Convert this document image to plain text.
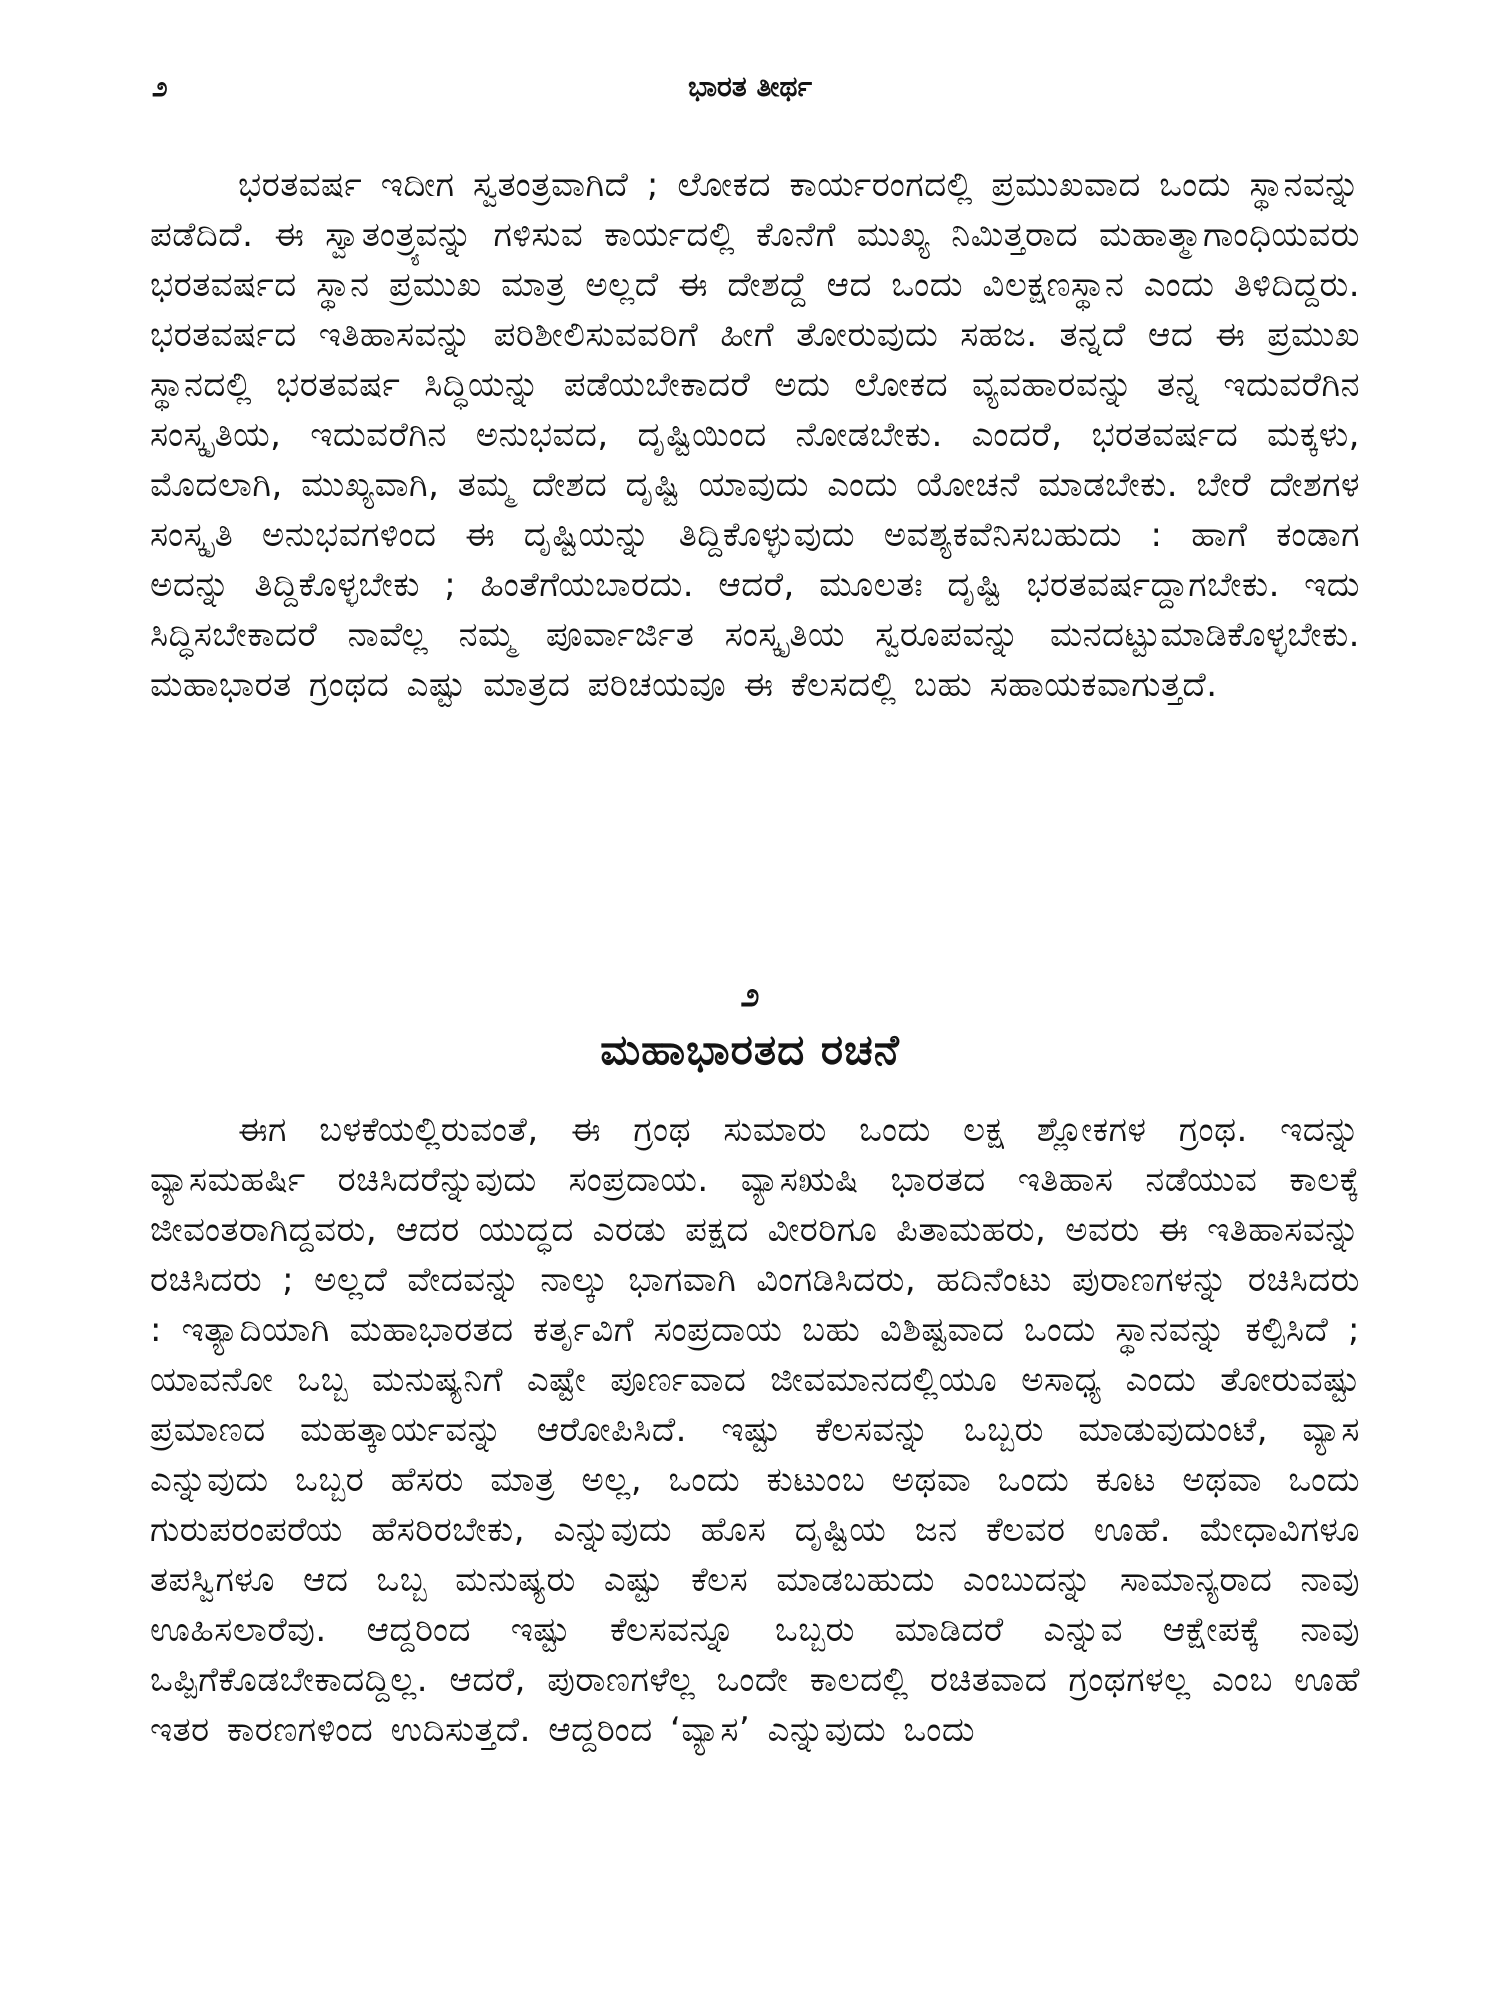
೨	ಭಾರತ ತೀರ್ಥ

ಭರತವರ್ಷ ಇದೀಗ ಸ್ವತಂತ್ರವಾಗಿದೆ ; ಲೋಕದ ಕಾರ್ಯರಂಗದಲ್ಲಿ ಪ್ರಮುಖವಾದ ಒಂದು ಸ್ಥಾನವನ್ನು ಪಡೆದಿದೆ. ಈ ಸ್ವಾತಂತ್ರ್ಯವನ್ನು ಗಳಿಸುವ ಕಾರ್ಯದಲ್ಲಿ ಕೊನೆಗೆ ಮುಖ್ಯ ನಿಮಿತ್ತರಾದ ಮಹಾತ್ಮಾಗಾಂಧಿಯವರು ಭರತವರ್ಷದ ಸ್ಥಾನ ಪ್ರಮುಖ ಮಾತ್ರ ಅಲ್ಲದೆ ಈ ದೇಶದ್ದೆ ಆದ ಒಂದು ವಿಲಕ್ಷಣಸ್ಥಾನ ಎಂದು ತಿಳಿದಿದ್ದರು. ಭರತವರ್ಷದ ಇತಿಹಾಸವನ್ನು ಪರಿಶೀಲಿಸುವವರಿಗೆ ಹೀಗೆ ತೋರುವುದು ಸಹಜ. ತನ್ನದೆ ಆದ ಈ ಪ್ರಮುಖ ಸ್ಥಾನದಲ್ಲಿ ಭರತವರ್ಷ ಸಿದ್ಧಿಯನ್ನು ಪಡೆಯಬೇಕಾದರೆ ಅದು ಲೋಕದ ವ್ಯವಹಾರವನ್ನು ತನ್ನ ಇದುವರೆಗಿನ ಸಂಸ್ಕೃತಿಯ, ಇದುವರೆಗಿನ ಅನುಭವದ, ದೃಷ್ಟಿಯಿಂದ ನೋಡಬೇಕು. ಎಂದರೆ, ಭರತವರ್ಷದ ಮಕ್ಕಳು, ಮೊದಲಾಗಿ, ಮುಖ್ಯವಾಗಿ, ತಮ್ಮ ದೇಶದ ದೃಷ್ಟಿ ಯಾವುದು ಎಂದು ಯೋಚನೆ ಮಾಡಬೇಕು. ಬೇರೆ ದೇಶಗಳ ಸಂಸ್ಕೃತಿ ಅನುಭವಗಳಿಂದ ಈ ದೃಷ್ಟಿಯನ್ನು ತಿದ್ದಿಕೊಳ್ಳುವುದು ಅವಶ್ಯಕವೆನಿಸಬಹುದು : ಹಾಗೆ ಕಂಡಾಗ ಅದನ್ನು ತಿದ್ದಿಕೊಳ್ಳಬೇಕು ; ಹಿಂತೆಗೆಯಬಾರದು. ಆದರೆ, ಮೂಲತಃ ದೃಷ್ಟಿ ಭರತವರ್ಷದ್ದಾಗಬೇಕು. ಇದು ಸಿದ್ಧಿಸಬೇಕಾದರೆ ನಾವೆಲ್ಲ ನಮ್ಮ ಪೂರ್ವಾರ್ಜಿತ ಸಂಸ್ಕೃತಿಯ ಸ್ವರೂಪವನ್ನು ಮನದಟ್ಟುಮಾಡಿಕೊಳ್ಳಬೇಕು. ಮಹಾಭಾರತ ಗ್ರಂಥದ ಎಷ್ಟು ಮಾತ್ರದ ಪರಿಚಯವೂ ಈ ಕೆಲಸದಲ್ಲಿ ಬಹು ಸಹಾಯಕವಾಗುತ್ತದೆ.

೨
ಮಹಾಭಾರತದ ರಚನೆ

ಈಗ ಬಳಕೆಯಲ್ಲಿರುವಂತೆ, ಈ ಗ್ರಂಥ ಸುಮಾರು ಒಂದು ಲಕ್ಷ ಶ್ಲೋಕಗಳ ಗ್ರಂಥ. ಇದನ್ನು ವ್ಯಾಸಮಹರ್ಷಿ ರಚಿಸಿದರೆನ್ನುವುದು ಸಂಪ್ರದಾಯ. ವ್ಯಾಸಋಷಿ ಭಾರತದ ಇತಿಹಾಸ ನಡೆಯುವ ಕಾಲಕ್ಕೆ ಜೀವಂತರಾಗಿದ್ದವರು, ಆದರ ಯುದ್ಧದ ಎರಡು ಪಕ್ಷದ ವೀರರಿಗೂ ಪಿತಾಮಹರು, ಅವರು ಈ ಇತಿಹಾಸವನ್ನು ರಚಿಸಿದರು ; ಅಲ್ಲದೆ ವೇದವನ್ನು ನಾಲ್ಕು ಭಾಗವಾಗಿ ವಿಂಗಡಿಸಿದರು, ಹದಿನೆಂಟು ಪುರಾಣಗಳನ್ನು ರಚಿಸಿದರು : ಇತ್ಯಾದಿಯಾಗಿ ಮಹಾಭಾರತದ ಕರ್ತೃವಿಗೆ ಸಂಪ್ರದಾಯ ಬಹು ವಿಶಿಷ್ಟವಾದ ಒಂದು ಸ್ಥಾನವನ್ನು ಕಲ್ಪಿಸಿದೆ ; ಯಾವನೋ ಒಬ್ಬ ಮನುಷ್ಯನಿಗೆ ಎಷ್ಟೇ ಪೂರ್ಣವಾದ ಜೀವಮಾನದಲ್ಲಿಯೂ ಅಸಾಧ್ಯ ಎಂದು ತೋರುವಷ್ಟು ಪ್ರಮಾಣದ ಮಹತ್ಕಾರ್ಯವನ್ನು ಆರೋಪಿಸಿದೆ. ಇಷ್ಟು ಕೆಲಸವನ್ನು ಒಬ್ಬರು ಮಾಡುವುದುಂಟೆ, ವ್ಯಾಸ ಎನ್ನುವುದು ಒಬ್ಬರ ಹೆಸರು ಮಾತ್ರ ಅಲ್ಲ, ಒಂದು ಕುಟುಂಬ ಅಥವಾ ಒಂದು ಕೂಟ ಅಥವಾ ಒಂದು ಗುರುಪರಂಪರೆಯ ಹೆಸರಿರಬೇಕು, ಎನ್ನುವುದು ಹೊಸ ದೃಷ್ಟಿಯ ಜನ ಕೆಲವರ ಊಹೆ. ಮೇಧಾವಿಗಳೂ ತಪಸ್ವಿಗಳೂ ಆದ ಒಬ್ಬ ಮನುಷ್ಯರು ಎಷ್ಟು ಕೆಲಸ ಮಾಡಬಹುದು ಎಂಬುದನ್ನು ಸಾಮಾನ್ಯರಾದ ನಾವು ಊಹಿಸಲಾರೆವು. ಆದ್ದರಿಂದ ಇಷ್ಟು ಕೆಲಸವನ್ನೂ ಒಬ್ಬರು ಮಾಡಿದರೆ ಎನ್ನುವ ಆಕ್ಷೇಪಕ್ಕೆ ನಾವು ಒಪ್ಪಿಗೆಕೊಡಬೇಕಾದದ್ದಿಲ್ಲ. ಆದರೆ, ಪುರಾಣಗಳೆಲ್ಲ ಒಂದೇ ಕಾಲದಲ್ಲಿ ರಚಿತವಾದ ಗ್ರಂಥಗಳಲ್ಲ ಎಂಬ ಊಹೆ ಇತರ ಕಾರಣಗಳಿಂದ ಉದಿಸುತ್ತದೆ. ಆದ್ದರಿಂದ ‘ವ್ಯಾಸ’ ಎನ್ನುವುದು ಒಂದು
